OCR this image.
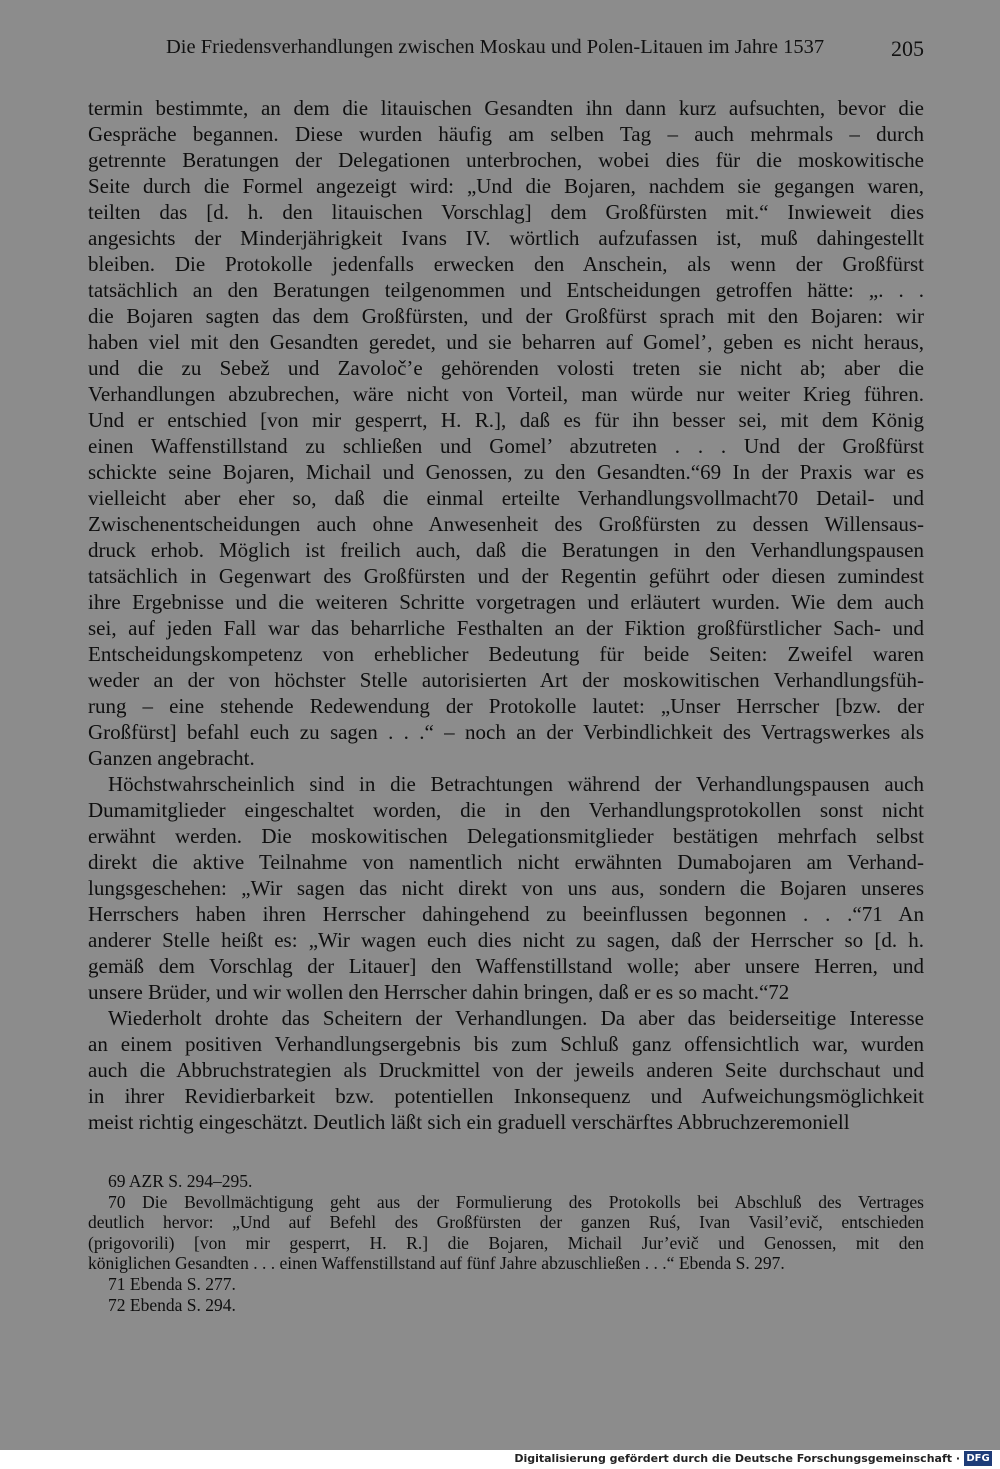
Die Friedensverhandlungen zwischen Moskau und Polen-Litauen im Jahre 1537	205
termin bestimmte, an dem die litauischen Gesandten ihn dann kurz aufsuchten, bevor die
Gespräche begannen. Diese wurden häufig am selben Tag – auch mehrmals – durch
getrennte Beratungen der Delegationen unterbrochen, wobei dies für die moskowitische
Seite durch die Formel angezeigt wird: „Und die Bojaren, nachdem sie gegangen waren,
teilten das [d. h. den litauischen Vorschlag] dem Großfürsten mit.“ Inwieweit dies
angesichts der Minderjährigkeit Ivans IV. wörtlich aufzufassen ist, muß dahingestellt
bleiben. Die Protokolle jedenfalls erwecken den Anschein, als wenn der Großfürst
tatsächlich an den Beratungen teilgenommen und Entscheidungen getroffen hätte: „. . .
die Bojaren sagten das dem Großfürsten, und der Großfürst sprach mit den Bojaren: wir
haben viel mit den Gesandten geredet, und sie beharren auf Gomel’, geben es nicht heraus,
und die zu Sebež und Zavoloč’e gehörenden volosti treten sie nicht ab; aber die
Verhandlungen abzubrechen, wäre nicht von Vorteil, man würde nur weiter Krieg führen.
Und er entschied [von mir gesperrt, H. R.], daß es für ihn besser sei, mit dem König
einen Waffenstillstand zu schließen und Gomel’ abzutreten . . . Und der Großfürst
schickte seine Bojaren, Michail und Genossen, zu den Gesandten.“69 In der Praxis war es
vielleicht aber eher so, daß die einmal erteilte Verhandlungsvollmacht70 Detail- und
Zwischenentscheidungen auch ohne Anwesenheit des Großfürsten zu dessen Willensaus-
druck erhob. Möglich ist freilich auch, daß die Beratungen in den Verhandlungspausen
tatsächlich in Gegenwart des Großfürsten und der Regentin geführt oder diesen zumindest
ihre Ergebnisse und die weiteren Schritte vorgetragen und erläutert wurden. Wie dem auch
sei, auf jeden Fall war das beharrliche Festhalten an der Fiktion großfürstlicher Sach- und
Entscheidungskompetenz von erheblicher Bedeutung für beide Seiten: Zweifel waren
weder an der von höchster Stelle autorisierten Art der moskowitischen Verhandlungsfüh-
rung – eine stehende Redewendung der Protokolle lautet: „Unser Herrscher [bzw. der
Großfürst] befahl euch zu sagen . . .“ – noch an der Verbindlichkeit des Vertragswerkes als
Ganzen angebracht.
Höchstwahrscheinlich sind in die Betrachtungen während der Verhandlungspausen auch
Dumamitglieder eingeschaltet worden, die in den Verhandlungsprotokollen sonst nicht
erwähnt werden. Die moskowitischen Delegationsmitglieder bestätigen mehrfach selbst
direkt die aktive Teilnahme von namentlich nicht erwähnten Dumabojaren am Verhand-
lungsgeschehen: „Wir sagen das nicht direkt von uns aus, sondern die Bojaren unseres
Herrschers haben ihren Herrscher dahingehend zu beeinflussen begonnen . . .“71 An
anderer Stelle heißt es: „Wir wagen euch dies nicht zu sagen, daß der Herrscher so [d. h.
gemäß dem Vorschlag der Litauer] den Waffenstillstand wolle; aber unsere Herren, und
unsere Brüder, und wir wollen den Herrscher dahin bringen, daß er es so macht.“72
Wiederholt drohte das Scheitern der Verhandlungen. Da aber das beiderseitige Interesse
an einem positiven Verhandlungsergebnis bis zum Schluß ganz offensichtlich war, wurden
auch die Abbruchstrategien als Druckmittel von der jeweils anderen Seite durchschaut und
in ihrer Revidierbarkeit bzw. potentiellen Inkonsequenz und Aufweichungsmöglichkeit
meist richtig eingeschätzt. Deutlich läßt sich ein graduell verschärftes Abbruchzeremoniell
69 AZR S. 294–295.
70 Die Bevollmächtigung geht aus der Formulierung des Protokolls bei Abschluß des Vertrages
deutlich hervor: „Und auf Befehl des Großfürsten der ganzen Ruś, Ivan Vasil’evič, entschieden
(prigovorili) [von mir gesperrt, H. R.] die Bojaren, Michail Jur’evič und Genossen, mit den
königlichen Gesandten . . . einen Waffenstillstand auf fünf Jahre abzuschließen . . .“ Ebenda S. 297.
71 Ebenda S. 277.
72 Ebenda S. 294.
Digitalisierung gefördert durch die Deutsche Forschungsgemeinschaft · DFG
